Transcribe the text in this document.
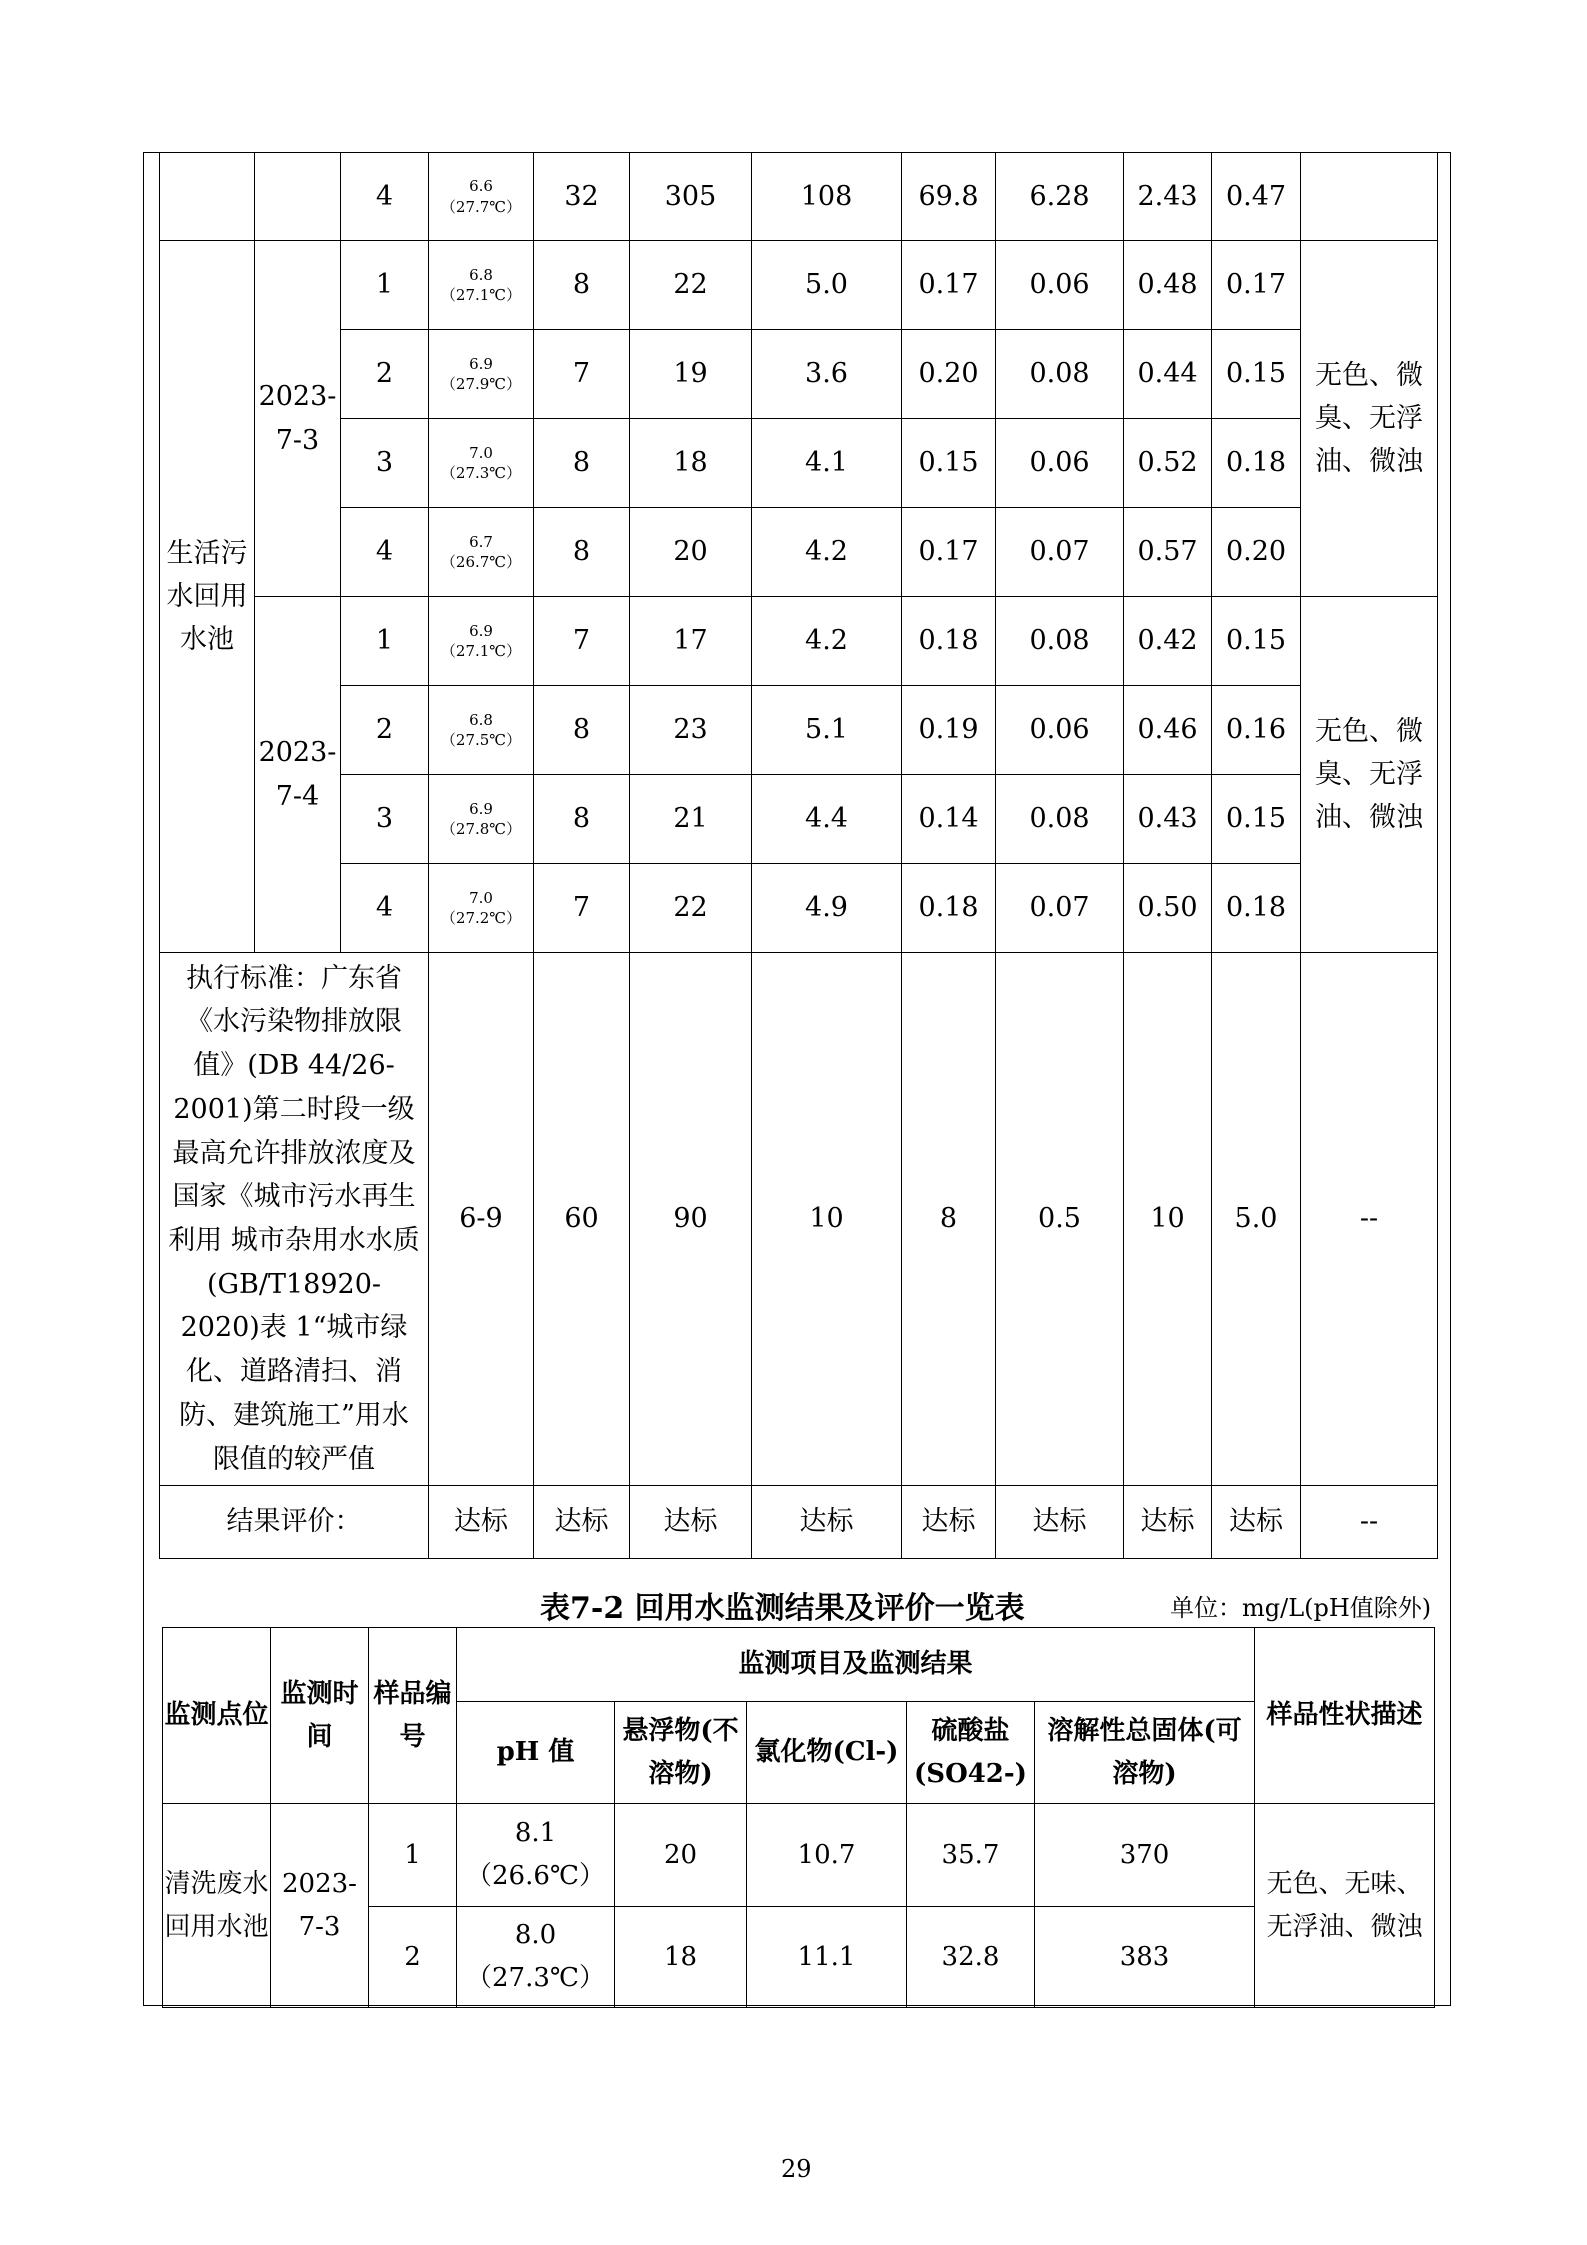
		4	6.6
（27.7℃）	32	305	108	69.8	6.28	2.43	0.47	
生活污水回用水池	2023-7-3	1	6.8
（27.1℃）	8	22	5.0	0.17	0.06	0.48	0.17	无色、微臭、无浮油、微浊
		2	6.9
（27.9℃）	7	19	3.6	0.20	0.08	0.44	0.15	
		3	7.0
（27.3℃）	8	18	4.1	0.15	0.06	0.52	0.18	
		4	6.7
（26.7℃）	8	20	4.2	0.17	0.07	0.57	0.20	
	2023-7-4	1	6.9
（27.1℃）	7	17	4.2	0.18	0.08	0.42	0.15	无色、微臭、无浮油、微浊
		2	6.8
（27.5℃）	8	23	5.1	0.19	0.06	0.46	0.16	
		3	6.9
（27.8℃）	8	21	4.4	0.14	0.08	0.43	0.15	
		4	7.0
（27.2℃）	7	22	4.9	0.18	0.07	0.50	0.18	
执行标准：广东省《水污染物排放限值》(DB 44/26-2001)第二时段一级最高允许排放浓度及国家《城市污水再生利用 城市杂用水水质(GB/T18920-2020)表 1“城市绿化、道路清扫、消防、建筑施工”用水限值的较严值			6-9	60	90	10	8	0.5	10	5.0	--
结果评价：			达标	达标	达标	达标	达标	达标	达标	达标	--
表7-2 回用水监测结果及评价一览表	单位：mg/L(pH值除外)
监测点位	监测时间	样品编号	监测项目及监测结果					样品性状描述
			pH 值	悬浮物(不溶物)	氯化物(Cl-)	硫酸盐(SO42-)	溶解性总固体(可溶物)	
清洗废水回用水池	2023-7-3	1	8.1
（26.6℃）	20	10.7	35.7	370	无色、无味、无浮油、微浊
		2	8.0
（27.3℃）	18	11.1	32.8	383	
29
